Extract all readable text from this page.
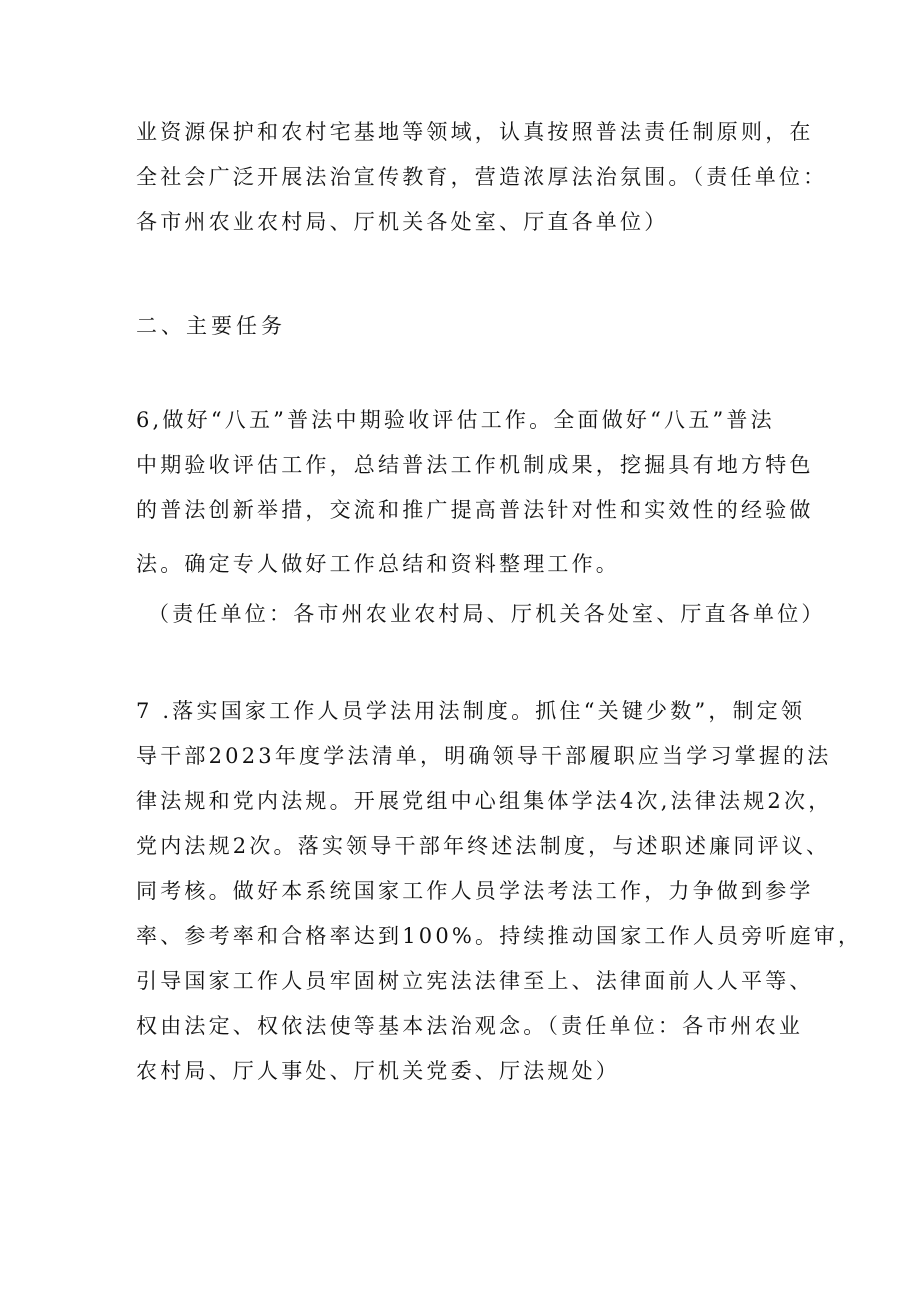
业资源保护和农村宅基地等领域，认真按照普法责任制原则，在
全社会广泛开展法治宣传教育，营造浓厚法治氛围。（责任单位：
各市州农业农村局、厅机关各处室、厅直各单位）
二、主要任务
6,做好“八五”普法中期验收评估工作。全面做好“八五”普法
中期验收评估工作，总结普法工作机制成果，挖掘具有地方特色
的普法创新举措，交流和推广提高普法针对性和实效性的经验做
法。确定专人做好工作总结和资料整理工作。
（责任单位：各市州农业农村局、厅机关各处室、厅直各单位）
7 .落实国家工作人员学法用法制度。抓住“关键少数”，制定领
导干部2023年度学法清单，明确领导干部履职应当学习掌握的法
律法规和党内法规。开展党组中心组集体学法4次,法律法规2次，
党内法规2次。落实领导干部年终述法制度，与述职述廉同评议、
同考核。做好本系统国家工作人员学法考法工作，力争做到参学
率、参考率和合格率达到100%。持续推动国家工作人员旁听庭审，
引导国家工作人员牢固树立宪法法律至上、法律面前人人平等、
权由法定、权依法使等基本法治观念。（责任单位：各市州农业
农村局、厅人事处、厅机关党委、厅法规处）
